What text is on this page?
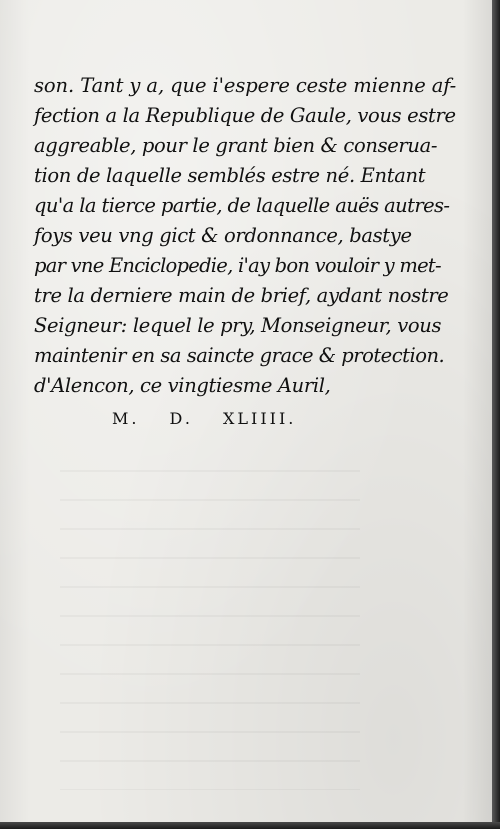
son. Tant y a, que i'espere ceste mienne af-
fection a la Republique de Gaule, vous estre
aggreable, pour le grant bien & conserua-
tion de laquelle semblés estre né. Entant
qu'a la tierce partie, de laquelle auës autres-
foys veu vng gict & ordonnance, bastye
par vne Enciclopedie, i'ay bon vouloir y met-
tre la derniere main de brief, aydant nostre
Seigneur: lequel le pry, Monseigneur, vous
maintenir en sa saincte grace & protection.
d'Alencon, ce vingtiesme Auril,
M. D. XLIIII.
